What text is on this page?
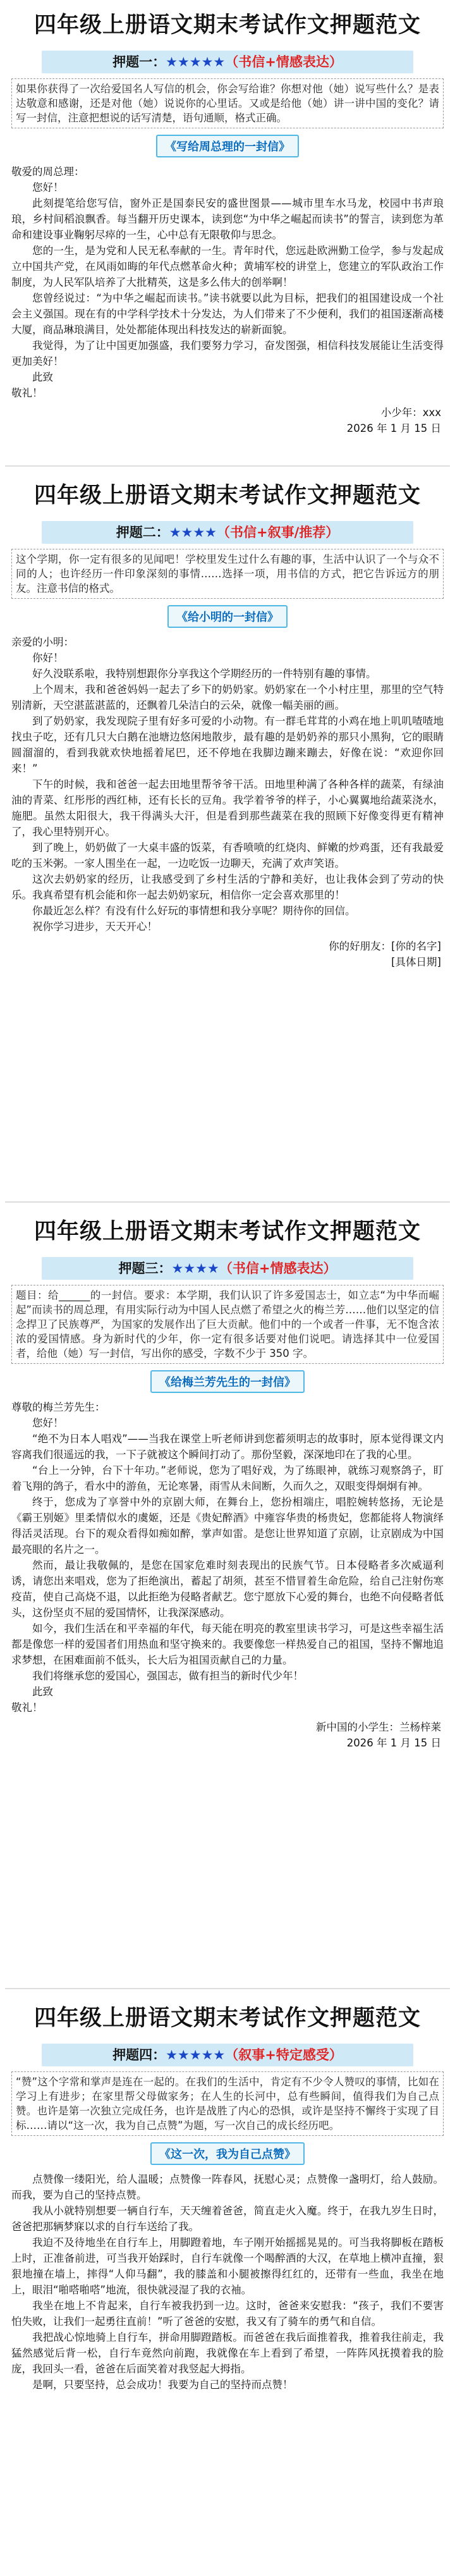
四年级上册语文期末考试作文押题范文
押题一：★★★★★（书信+情感表达）
如果你获得了一次给爱国名人写信的机会，你会写给谁？你想对他（她）说写些什么？是表达敬意和感谢，还是对他（她）说说你的心里话。又或是给他（她）讲一讲中国的变化？请写一封信，注意把想说的话写清楚，语句通顺，格式正确。
《写给周总理的一封信》

敬爱的周总理：

您好！

此刻提笔给您写信，窗外正是国泰民安的盛世图景——城市里车水马龙，校园中书声琅琅，乡村间稻浪飘香。每当翻开历史课本，读到您“为中华之崛起而读书”的誓言，读到您为革命和建设事业鞠躬尽瘁的一生，心中总有无限敬仰与思念。

您的一生，是为党和人民无私奉献的一生。青年时代，您远赴欧洲勤工俭学，参与发起成立中国共产党，在风雨如晦的年代点燃革命火种；黄埔军校的讲堂上，您建立的军队政治工作制度，为人民军队培养了大批精英，这是多么伟大的创举啊！

您曾经说过：“为中华之崛起而读书。”读书就要以此为目标，把我们的祖国建设成一个社会主义强国。现在有的中学科学技术十分发达，为人们带来了不少便利，我们的祖国逐渐高楼大厦，商品琳琅满目，处处都能体现出科技发达的崭新面貌。

我觉得，为了让中国更加强盛，我们要努力学习，奋发图强，相信科技发展能让生活变得更加美好！

此致

敬礼！

小少年：xxx
2026 年 1 月 15 日
四年级上册语文期末考试作文押题范文
押题二：★★★★（书信+叙事/推荐）
这个学期，你一定有很多的见闻吧！学校里发生过什么有趣的事，生活中认识了一个与众不同的人；也许经历一件印象深刻的事情……选择一项，用书信的方式，把它告诉远方的朋友。注意书信的格式。
《给小明的一封信》

亲爱的小明：

你好！

好久没联系啦，我特别想跟你分享我这个学期经历的一件特别有趣的事情。

上个周末，我和爸爸妈妈一起去了乡下的奶奶家。奶奶家在一个小村庄里，那里的空气特别清新，天空湛蓝湛蓝的，还飘着几朵洁白的云朵，就像一幅美丽的画。

到了奶奶家，我发现院子里有好多可爱的小动物。有一群毛茸茸的小鸡在地上叽叽喳喳地找虫子吃，还有几只大白鹅在池塘边悠闲地散步，最有趣的是奶奶养的那只小黑狗，它的眼睛圆溜溜的，看到我就欢快地摇着尾巴，还不停地在我脚边蹦来蹦去，好像在说：“欢迎你回来！”

下午的时候，我和爸爸一起去田地里帮爷爷干活。田地里种满了各种各样的蔬菜，有绿油油的青菜、红彤彤的西红柿，还有长长的豆角。我学着爷爷的样子，小心翼翼地给蔬菜浇水，施肥。虽然太阳很大，我干得满头大汗，但是看到那些蔬菜在我的照顾下好像变得更有精神了，我心里特别开心。

到了晚上，奶奶做了一大桌丰盛的饭菜，有香喷喷的红烧肉、鲜嫩的炒鸡蛋，还有我最爱吃的玉米粥。一家人围坐在一起，一边吃饭一边聊天，充满了欢声笑语。

这次去奶奶家的经历，让我感受到了乡村生活的宁静和美好，也让我体会到了劳动的快乐。我真希望有机会能和你一起去奶奶家玩，相信你一定会喜欢那里的！

你最近怎么样？有没有什么好玩的事情想和我分享呢？期待你的回信。

祝你学习进步，天天开心！

你的好朋友：[你的名字]
[具体日期]
四年级上册语文期末考试作文押题范文
押题三：★★★★（书信+情感表达）
题目：给______的一封信。要求：本学期，我们认识了许多爱国志士，如立志“为中华而崛起”而读书的周总理，有用实际行动为中国人民点燃了希望之火的梅兰芳……他们以坚定的信念捍卫了民族尊严，为国家的发展作出了巨大贡献。他们中的一个或者一件事，无不饱含浓浓的爱国情感。身为新时代的少年，你一定有很多话要对他们说吧。请选择其中一位爱国者，给他（她）写一封信，写出你的感受，字数不少于 350 字。
《给梅兰芳先生的一封信》

尊敬的梅兰芳先生：

您好！

“绝不为日本人唱戏”——当我在课堂上听老师讲到您蓄须明志的故事时，原本觉得课文内容离我们很遥远的我，一下子就被这个瞬间打动了。那份坚毅，深深地印在了我的心里。

“台上一分钟，台下十年功。”老师说，您为了唱好戏，为了练眼神，就练习观察鸽子，盯着飞翔的鸽子，看水中的游鱼，无论寒暑，雨雪从未间断，久而久之，双眼变得炯炯有神。

终于，您成为了享誉中外的京剧大师，在舞台上，您扮相端庄，唱腔婉转悠扬，无论是《霸王别姬》里柔情似水的虞姬，还是《贵妃醉酒》中雍容华贵的杨贵妃，您都能将人物演绎得活灵活现。台下的观众看得如痴如醉，掌声如雷。是您让世界知道了京剧，让京剧成为中国最亮眼的名片之一。

然而，最让我敬佩的，是您在国家危难时刻表现出的民族气节。日本侵略者多次威逼利诱，请您出来唱戏，您为了拒绝演出，蓄起了胡须，甚至不惜冒着生命危险，给自己注射伤寒疫苗，使自己高烧不退，以此拒绝为侵略者献艺。您宁愿放下心爱的舞台，也绝不向侵略者低头，这份坚贞不屈的爱国情怀，让我深深感动。

如今，我们生活在和平幸福的年代，每天能在明亮的教室里读书学习，可是这些幸福生活都是像您一样的爱国者们用热血和坚守换来的。我要像您一样热爱自己的祖国，坚持不懈地追求梦想，在困难面前不低头，长大后为祖国贡献自己的力量。

我们将继承您的爱国心，强国志，做有担当的新时代少年！

此致

敬礼！

新中国的小学生：兰杨梓莱
2026 年 1 月 15 日
四年级上册语文期末考试作文押题范文
押题四：★★★★★（叙事+特定感受）
“赞”这个字常和掌声是连在一起的。在我们的生活中，肯定有不少令人赞叹的事情，比如在学习上有进步；在家里帮父母做家务；在人生的长河中，总有些瞬间，值得我们为自己点赞。也许是第一次独立完成任务，也许是战胜了内心的恐惧，或许是坚持不懈终于实现了目标……请以“这一次，我为自己点赞”为题，写一次自己的成长经历吧。
《这一次，我为自己点赞》

点赞像一缕阳光，给人温暖；点赞像一阵春风，抚慰心灵；点赞像一盏明灯，给人鼓励。而我，要为自己的坚持点赞。

我从小就特别想要一辆自行车，天天缠着爸爸，简直走火入魔。终于，在我九岁生日时，爸爸把那辆梦寐以求的自行车送给了我。

我迫不及待地坐在自行车上，用脚蹬着地，车子刚开始摇摇晃晃的。可当我将脚板在踏板上时，正准备前进，可当我开始踩时，自行车就像一个喝醉酒的大汉，在草地上横冲直撞，狠狠地撞在墙上，摔得“人仰马翻”，我的膝盖和小腿被擦得红红的，还带有一些血，我坐在地上，眼泪“啪嗒啪嗒”地流，很快就浸湿了我的衣袖。

我坐在地上不肯起来，自行车被我扔到一边。这时，爸爸来安慰我：“孩子，我们不要害怕失败，让我们一起勇往直前！”听了爸爸的安慰，我又有了骑车的勇气和自信。

我把战心惊地骑上自行车，拼命用脚蹬踏板。而爸爸在我后面推着我，推着我往前走，我猛然感觉后背一松，自行车竟然向前跑，我就像在车上看到了希望，一阵阵风抚摸着我的脸庞，我回头一看，爸爸在后面笑着对我竖起大拇指。

是啊，只要坚持，总会成功！我要为自己的坚持而点赞！
